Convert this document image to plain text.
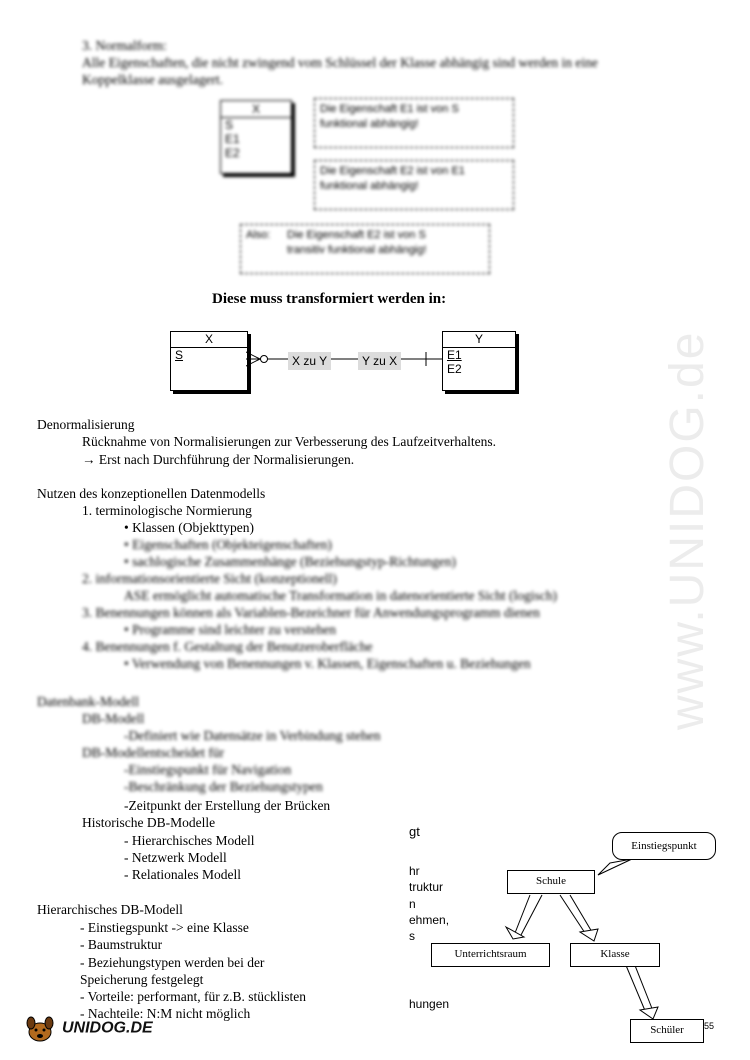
www.UNIDOG.de
3. Normalform:
Alle Eigenschaften, die nicht zwingend vom Schlüssel der Klasse abhängig sind werden in eine
Koppelklasse ausgelagert.
X
S
E1
E2
Die Eigenschaft E1 ist von S
funktional abhängig!
Die Eigenschaft E2 ist von E1
funktional abhängig!
Also: Die Eigenschaft E2 ist von S
transitiv funktional abhängig!
Diese muss transformiert werden in:
X
S	X zu Y	Y zu X
Y
E1
E2
Denormalisierung
Rücknahme von Normalisierungen zur Verbesserung des Laufzeitverhaltens.
→ Erst nach Durchführung der Normalisierungen.
Nutzen des konzeptionellen Datenmodells
1. terminologische Normierung
• Klassen (Objekttypen)
• Eigenschaften (Objekteigenschaften)
• sachlogische Zusammenhänge (Beziehungstyp-Richtungen)
2. informationsorientierte Sicht (konzeptionell)
ASE ermöglicht automatische Transformation in datenorientierte Sicht (logisch)
3. Benennungen können als Variablen-Bezeichner für Anwendungsprogramm dienen
• Programme sind leichter zu verstehen
4. Benennungen f. Gestaltung der Benutzeroberfläche
• Verwendung von Benennungen v. Klassen, Eigenschaften u. Beziehungen
Datenbank-Modell
DB-Modell
-Definiert wie Datensätze in Verbindung stehen
DB-Modellentscheidet für
-Einstiegspunkt für Navigation
-Beschränkung der Beziehungstypen
-Zeitpunkt der Erstellung der Brücken
Historische DB-Modelle
- Hierarchisches Modell
- Netzwerk Modell
- Relationales Modell
Hierarchisches DB-Modell
- Einstiegspunkt -> eine Klasse
- Baumstruktur
- Beziehungstypen werden bei der
Speicherung festgelegt
- Vorteile: performant, für z.B. stücklisten
- Nachteile: N:M nicht möglich
gt
hr
truktur
n
ehmen,
s
hungen
Einstiegspunkt
Schule
Unterrichtsraum	Klasse
Schüler	55
UNIDOG.DE
